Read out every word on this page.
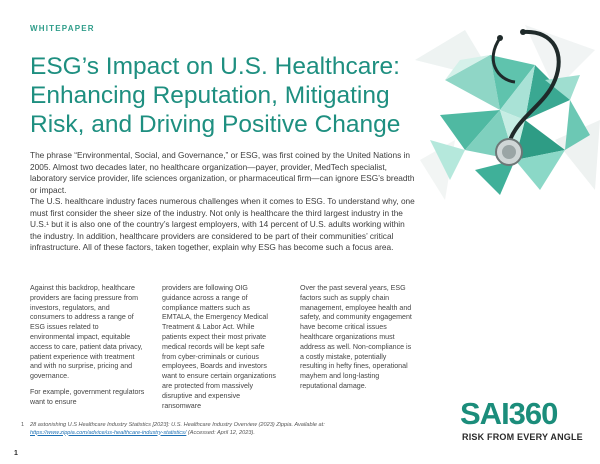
WHITEPAPER
ESG’s Impact on U.S. Healthcare:
Enhancing Reputation, Mitigating
Risk, and Driving Positive Change

The phrase “Environmental, Social, and Governance,” or ESG, was first coined by the United Nations in 2005. Almost two decades later, no healthcare organization—payer, provider, MedTech specialist, laboratory service provider, life sciences organization, or pharmaceutical firm—can ignore ESG’s breadth or impact.

The U.S. healthcare industry faces numerous challenges when it comes to ESG. To understand why, one must first consider the sheer size of the industry. Not only is healthcare the third largest industry in the U.S.¹ but it is also one of the country’s largest employers, with 14 percent of U.S. adults working within the industry. In addition, healthcare providers are considered to be part of their communities’ critical infrastructure. All of these factors, taken together, explain why ESG has become such a focus area.

Against this backdrop, healthcare providers are facing pressure from investors, regulators, and consumers to address a range of ESG issues related to environmental impact, equitable access to care, patient data privacy, patient experience with treatment and with no surprise, pricing and governance.

For example, government regulators want to ensure

providers are following OIG guidance across a range of compliance matters such as EMTALA, the Emergency Medical Treatment & Labor Act. While patients expect their most private medical records will be kept safe from cyber-criminals or curious employees, Boards and investors want to ensure certain organizations are protected from massively disruptive and expensive ransomware

Over the past several years, ESG factors such as supply chain management, employee health and safety, and community engagement have become critical issues healthcare organizations must address as well. Non-compliance is a costly mistake, potentially resulting in hefty fines, operational mayhem and long-lasting reputational damage.

1 28 astonishing U.S Healthcare Industry Statistics [2023]: U.S. Healthcare Industry Overview (2023) Zippia. Available at: https://www.zippia.com/advice/us-healthcare-industry-statistics/ (Accessed: April 12, 2023).
1
SAI360
RISK FROM EVERY ANGLE
